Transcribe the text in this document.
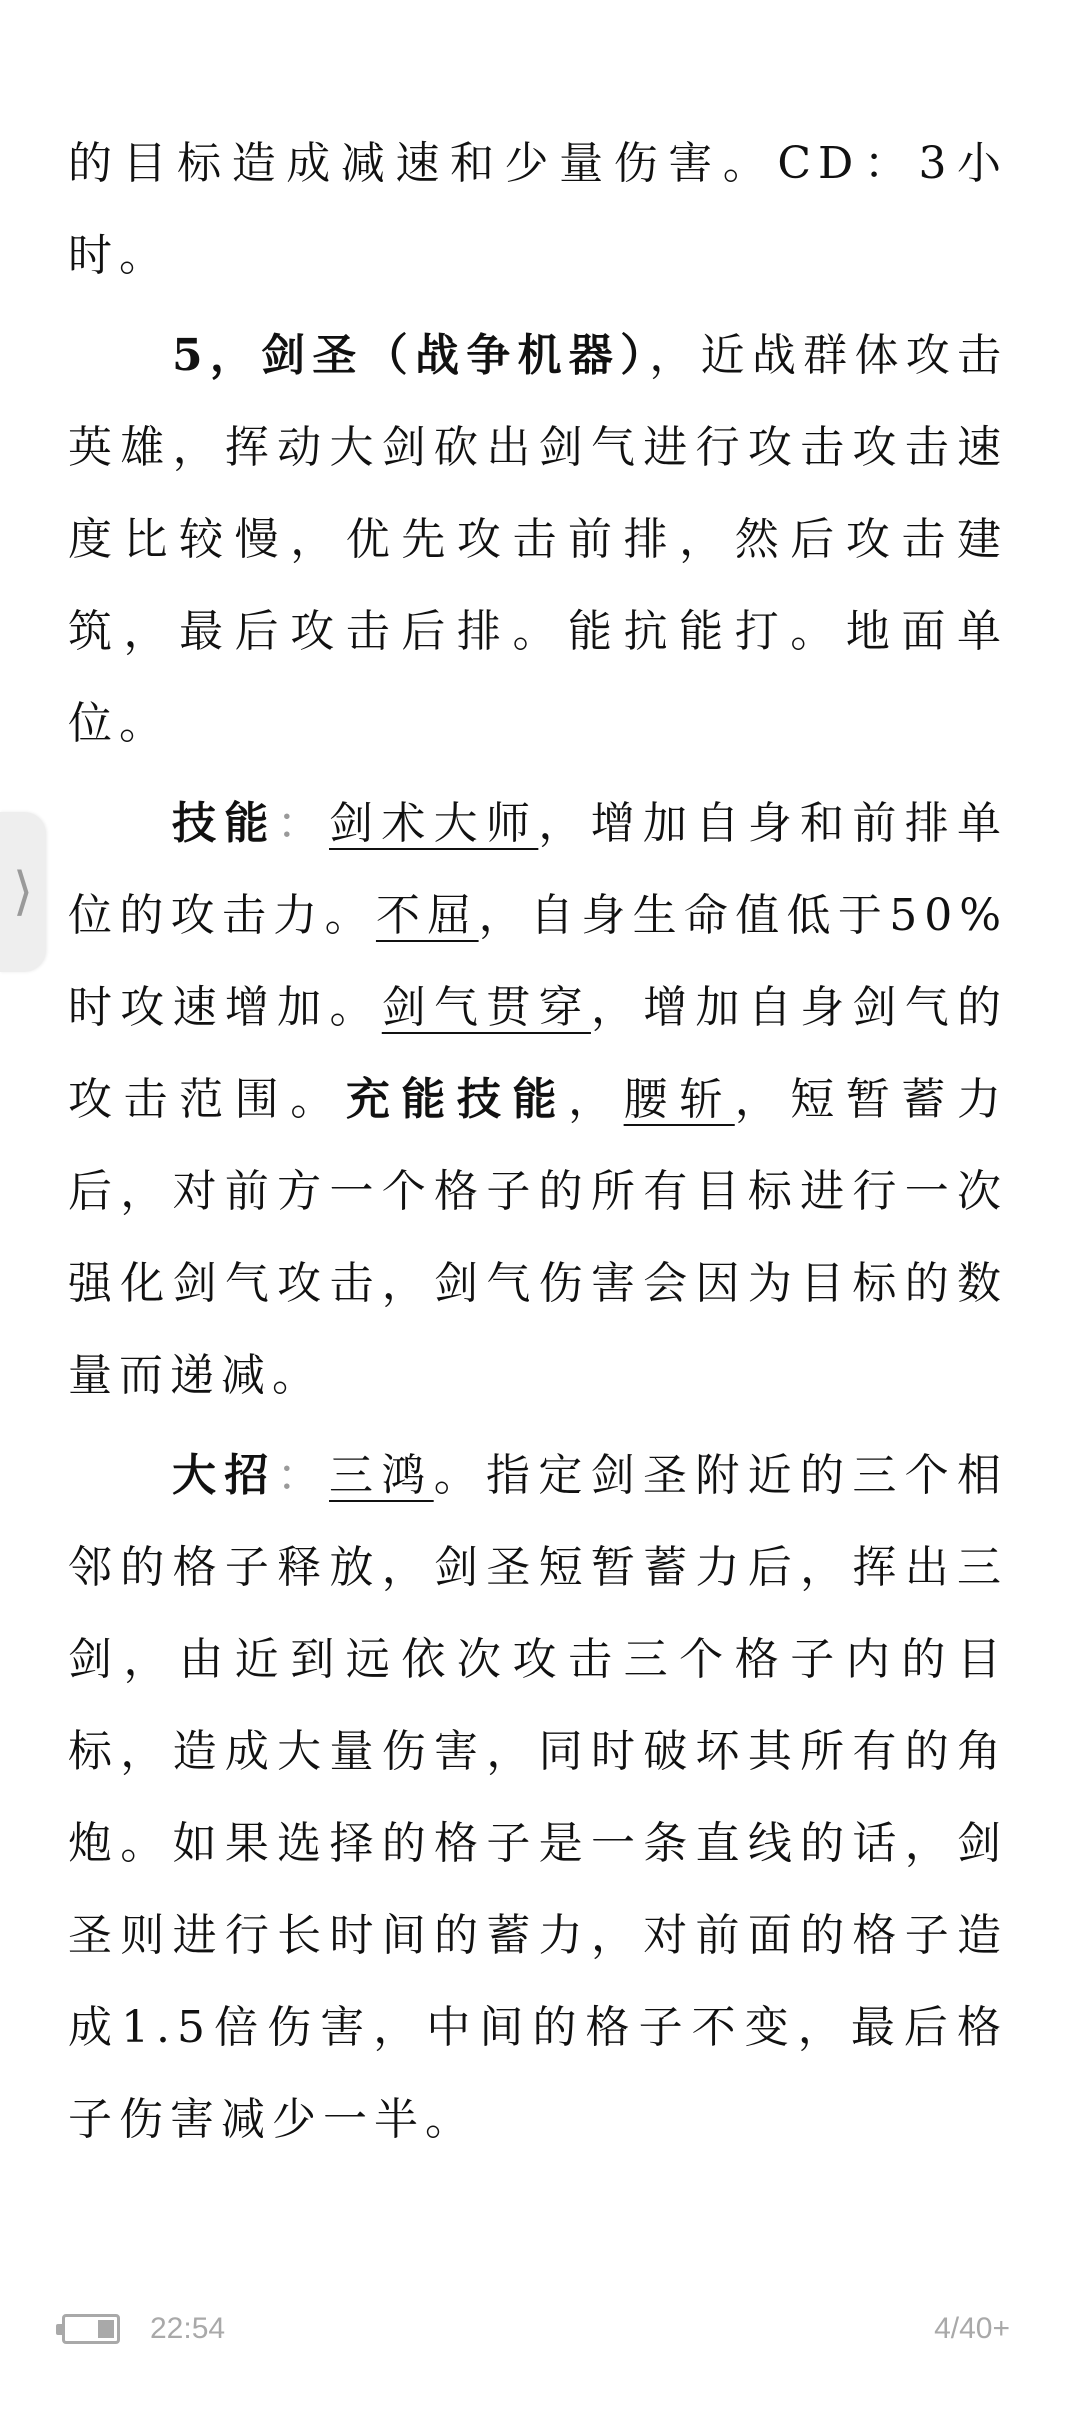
的目标造成减速和少量伤害。CD：3小时。

5，剑圣（战争机器），近战群体攻击英雄，挥动大剑砍出剑气进行攻击攻击速度比较慢，优先攻击前排，然后攻击建筑，最后攻击后排。能抗能打。地面单位。

技能：剑术大师，增加自身和前排单位的攻击力。不屈，自身生命值低于50%时攻速增加。剑气贯穿，增加自身剑气的攻击范围。充能技能，腰斩，短暂蓄力后，对前方一个格子的所有目标进行一次强化剑气攻击，剑气伤害会因为目标的数量而递减。

大招：三鸿。指定剑圣附近的三个相邻的格子释放，剑圣短暂蓄力后，挥出三剑，由近到远依次攻击三个格子内的目标，造成大量伤害，同时破坏其所有的角炮。如果选择的格子是一条直线的话，剑圣则进行长时间的蓄力，对前面的格子造成1.5倍伤害，中间的格子不变，最后格子伤害减少一半。

⟩
22:54	4/40+
